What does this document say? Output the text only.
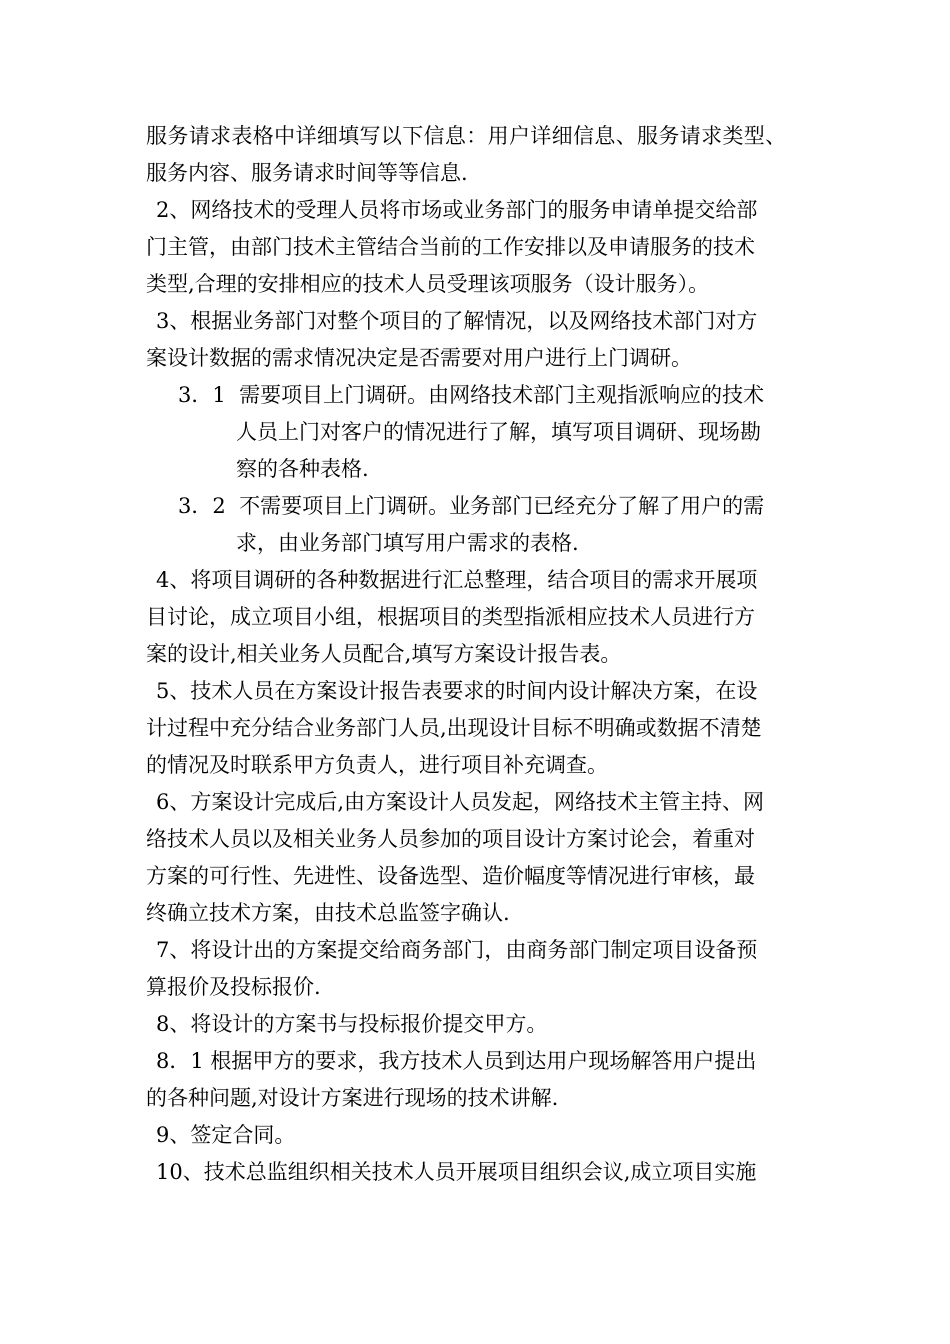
服务请求表格中详细填写以下信息：用户详细信息、服务请求类型、
服务内容、服务请求时间等等信息.
2、网络技术的受理人员将市场或业务部门的服务申请单提交给部
门主管，由部门技术主管结合当前的工作安排以及申请服务的技术
类型,合理的安排相应的技术人员受理该项服务（设计服务）。
3、根据业务部门对整个项目的了解情况，以及网络技术部门对方
案设计数据的需求情况决定是否需要对用户进行上门调研。
3．1  需要项目上门调研。由网络技术部门主观指派响应的技术
人员上门对客户的情况进行了解，填写项目调研、现场勘
察的各种表格.
3．2  不需要项目上门调研。业务部门已经充分了解了用户的需
求，由业务部门填写用户需求的表格.
4、将项目调研的各种数据进行汇总整理，结合项目的需求开展项
目讨论，成立项目小组，根据项目的类型指派相应技术人员进行方
案的设计,相关业务人员配合,填写方案设计报告表。
5、技术人员在方案设计报告表要求的时间内设计解决方案，在设
计过程中充分结合业务部门人员,出现设计目标不明确或数据不清楚
的情况及时联系甲方负责人，进行项目补充调查。
6、方案设计完成后,由方案设计人员发起，网络技术主管主持、网
络技术人员以及相关业务人员参加的项目设计方案讨论会，着重对
方案的可行性、先进性、设备选型、造价幅度等情况进行审核，最
终确立技术方案，由技术总监签字确认.
7、将设计出的方案提交给商务部门，由商务部门制定项目设备预
算报价及投标报价.
8、将设计的方案书与投标报价提交甲方。
8．1 根据甲方的要求，我方技术人员到达用户现场解答用户提出
的各种问题,对设计方案进行现场的技术讲解.
9、签定合同。
10、技术总监组织相关技术人员开展项目组织会议,成立项目实施
